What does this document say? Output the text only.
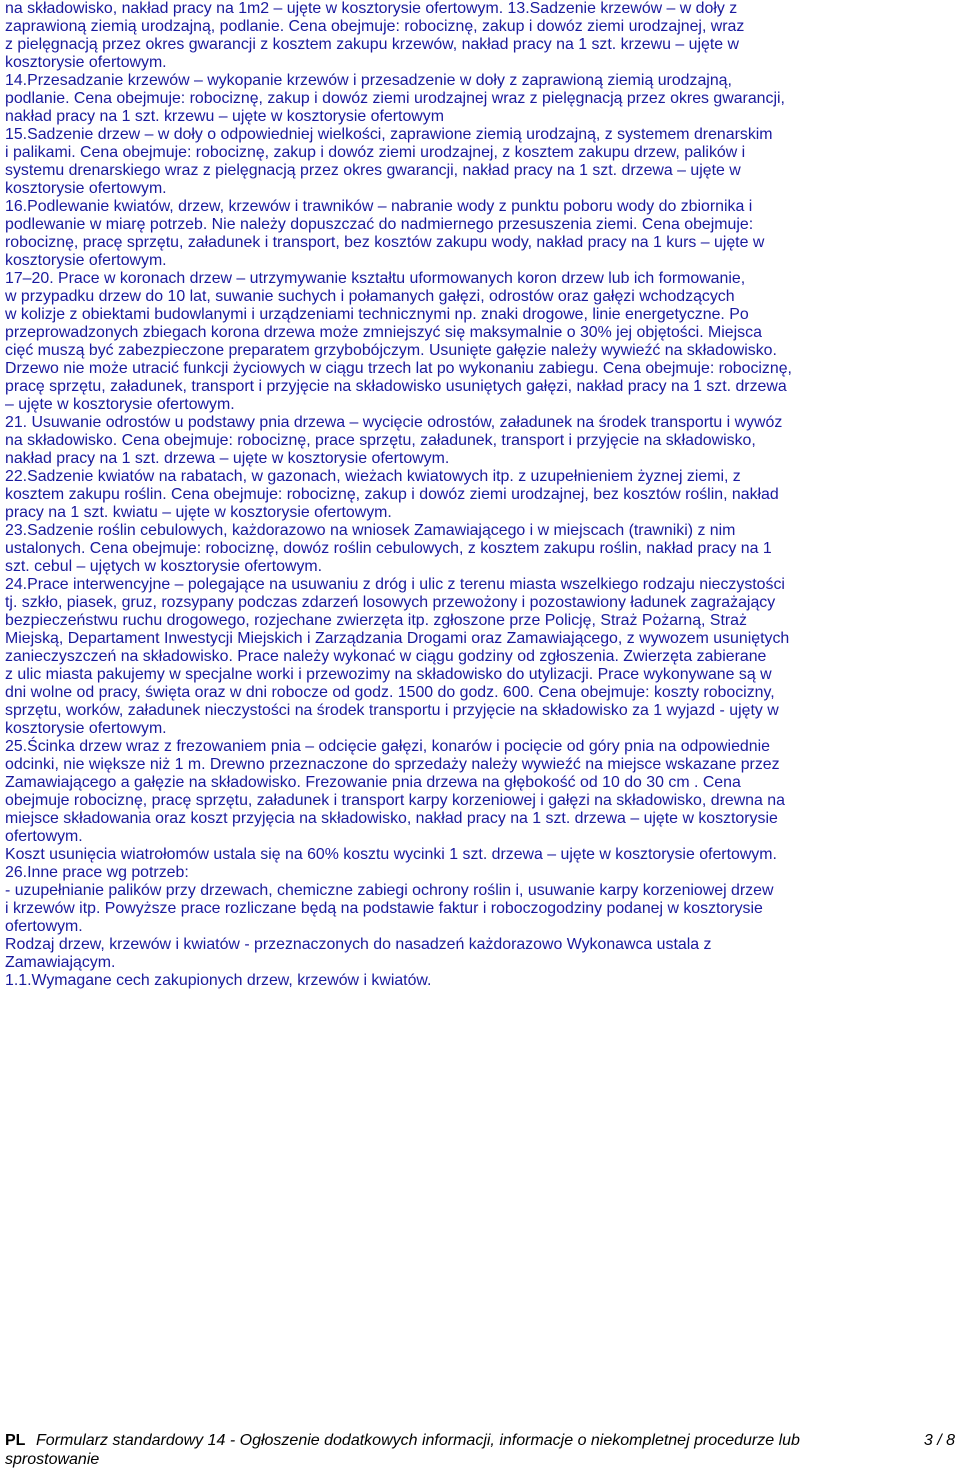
na składowisko, nakład pracy na 1m2 – ujęte w kosztorysie ofertowym. 13.Sadzenie krzewów – w doły z

zaprawioną ziemią urodzajną, podlanie. Cena obejmuje: robociznę, zakup i dowóz ziemi urodzajnej, wraz

z pielęgnacją przez okres gwarancji z kosztem zakupu krzewów, nakład pracy na 1 szt. krzewu – ujęte w

kosztorysie ofertowym.

14.Przesadzanie krzewów – wykopanie krzewów i przesadzenie w doły z zaprawioną ziemią urodzajną,

podlanie. Cena obejmuje: robociznę, zakup i dowóz ziemi urodzajnej wraz z pielęgnacją przez okres gwarancji,

nakład pracy na 1 szt. krzewu – ujęte w kosztorysie ofertowym

15.Sadzenie drzew – w doły o odpowiedniej wielkości, zaprawione ziemią urodzajną, z systemem drenarskim

i palikami. Cena obejmuje: robociznę, zakup i dowóz ziemi urodzajnej, z kosztem zakupu drzew, palików i

systemu drenarskiego wraz z pielęgnacją przez okres gwarancji, nakład pracy na 1 szt. drzewa – ujęte w

kosztorysie ofertowym.

16.Podlewanie kwiatów, drzew, krzewów i trawników – nabranie wody z punktu poboru wody do zbiornika i

podlewanie w miarę potrzeb. Nie należy dopuszczać do nadmiernego przesuszenia ziemi. Cena obejmuje:

robociznę, pracę sprzętu, załadunek i transport, bez kosztów zakupu wody, nakład pracy na 1 kurs – ujęte w

kosztorysie ofertowym.

17–20. Prace w koronach drzew – utrzymywanie kształtu uformowanych koron drzew lub ich formowanie,

w przypadku drzew do 10 lat, suwanie suchych i połamanych gałęzi, odrostów oraz gałęzi wchodzących

w kolizje z obiektami budowlanymi i urządzeniami technicznymi np. znaki drogowe, linie energetyczne. Po

przeprowadzonych zbiegach korona drzewa może zmniejszyć się maksymalnie o 30% jej objętości. Miejsca

cięć muszą być zabezpieczone preparatem grzybobójczym. Usunięte gałęzie należy wywieźć na składowisko.

Drzewo nie może utracić funkcji życiowych w ciągu trzech lat po wykonaniu zabiegu. Cena obejmuje: robociznę,

pracę sprzętu, załadunek, transport i przyjęcie na składowisko usuniętych gałęzi, nakład pracy na 1 szt. drzewa

– ujęte w kosztorysie ofertowym.

21. Usuwanie odrostów u podstawy pnia drzewa – wycięcie odrostów, załadunek na środek transportu i wywóz

na składowisko. Cena obejmuje: robociznę, prace sprzętu, załadunek, transport i przyjęcie na składowisko,

nakład pracy na 1 szt. drzewa – ujęte w kosztorysie ofertowym.

22.Sadzenie kwiatów na rabatach, w gazonach, wieżach kwiatowych itp. z uzupełnieniem żyznej ziemi, z

kosztem zakupu roślin. Cena obejmuje: robociznę, zakup i dowóz ziemi urodzajnej, bez kosztów roślin, nakład

pracy na 1 szt. kwiatu – ujęte w kosztorysie ofertowym.

23.Sadzenie roślin cebulowych, każdorazowo na wniosek Zamawiającego i w miejscach (trawniki) z nim

ustalonych. Cena obejmuje: robociznę, dowóz roślin cebulowych, z kosztem zakupu roślin, nakład pracy na 1

szt. cebul – ujętych w kosztorysie ofertowym.

24.Prace interwencyjne – polegające na usuwaniu z dróg i ulic z terenu miasta wszelkiego rodzaju nieczystości

tj. szkło, piasek, gruz, rozsypany podczas zdarzeń losowych przewożony i pozostawiony ładunek zagrażający

bezpieczeństwu ruchu drogowego, rozjechane zwierzęta itp. zgłoszone prze Policję, Straż Pożarną, Straż

Miejską, Departament Inwestycji Miejskich i Zarządzania Drogami oraz Zamawiającego, z wywozem usuniętych

zanieczyszczeń na składowisko. Prace należy wykonać w ciągu godziny od zgłoszenia. Zwierzęta zabierane

z ulic miasta pakujemy w specjalne worki i przewozimy na składowisko do utylizacji. Prace wykonywane są w

dni wolne od pracy, święta oraz w dni robocze od godz. 1500 do godz. 600. Cena obejmuje: koszty robocizny,

sprzętu, worków, załadunek nieczystości na środek transportu i przyjęcie na składowisko za 1 wyjazd - ujęty w

kosztorysie ofertowym.

25.Ścinka drzew wraz z frezowaniem pnia – odcięcie gałęzi, konarów i pocięcie od góry pnia na odpowiednie

odcinki, nie większe niż 1 m. Drewno przeznaczone do sprzedaży należy wywieźć na miejsce wskazane przez

Zamawiającego a gałęzie na składowisko. Frezowanie pnia drzewa na głębokość od 10 do 30 cm . Cena

obejmuje robociznę, pracę sprzętu, załadunek i transport karpy korzeniowej i gałęzi na składowisko, drewna na

miejsce składowania oraz koszt przyjęcia na składowisko, nakład pracy na 1 szt. drzewa – ujęte w kosztorysie

ofertowym.

Koszt usunięcia wiatrołomów ustala się na 60% kosztu wycinki 1 szt. drzewa – ujęte w kosztorysie ofertowym.

26.Inne prace wg potrzeb:

- uzupełnianie palików przy drzewach, chemiczne zabiegi ochrony roślin i, usuwanie karpy korzeniowej drzew

i krzewów itp. Powyższe prace rozliczane będą na podstawie faktur i roboczogodziny podanej w kosztorysie

ofertowym.

Rodzaj drzew, krzewów i kwiatów - przeznaczonych do nasadzeń każdorazowo Wykonawca ustala z

Zamawiającym.

1.1.Wymagane cech zakupionych drzew, krzewów i kwiatów.

PL Formularz standardowy 14 - Ogłoszenie dodatkowych informacji, informacje o niekompletnej procedurze lub
sprostowanie
3 / 8
